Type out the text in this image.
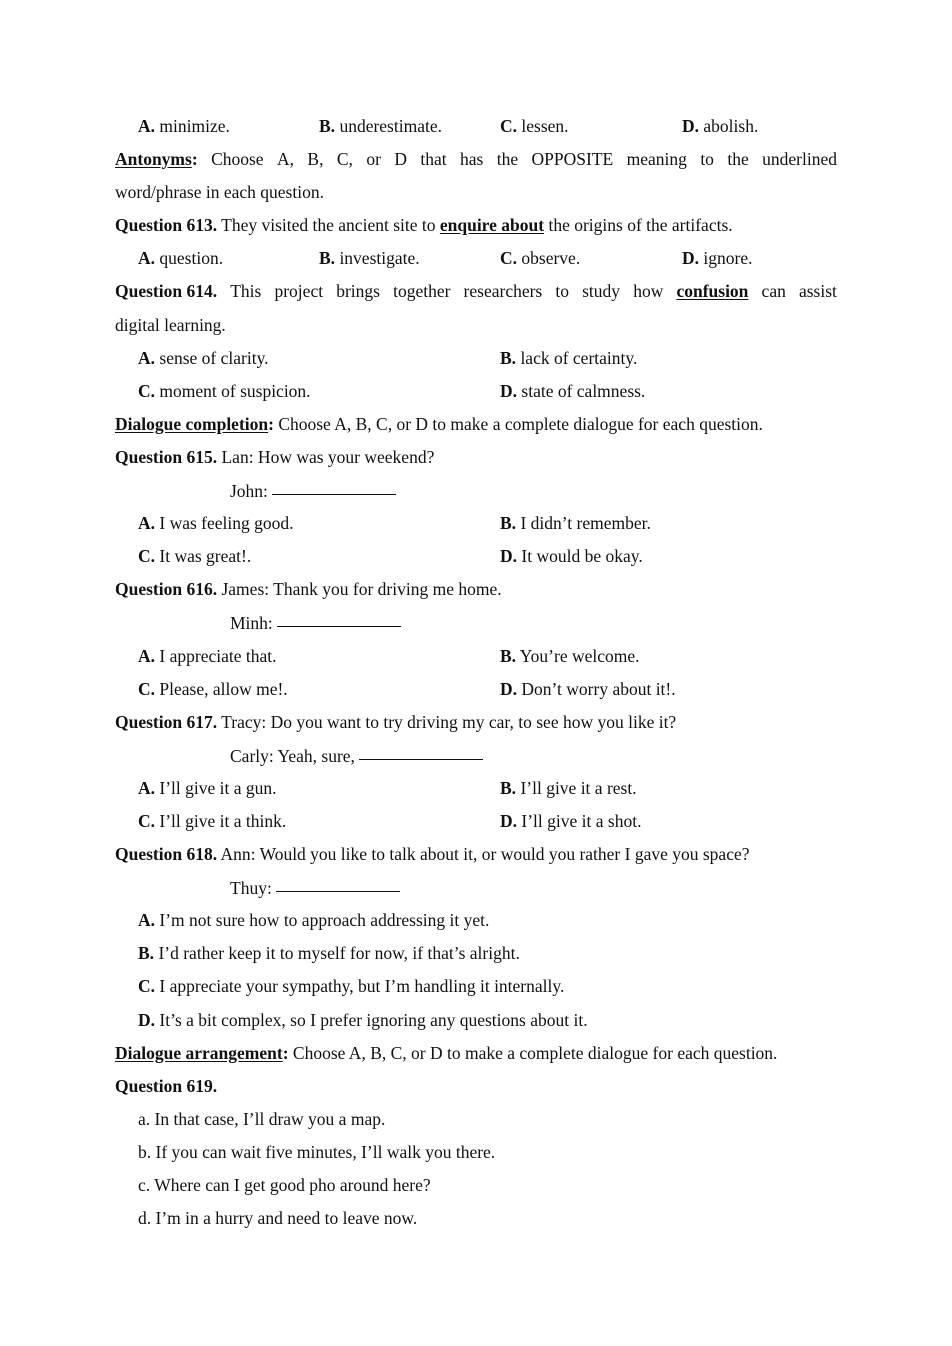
A. minimize.	B. underestimate.	C. lessen.	D. abolish.
Antonyms: Choose A, B, C, or D that has the OPPOSITE meaning to the underlined
word/phrase in each question.
Question 613. They visited the ancient site to enquire about the origins of the artifacts.
A. question.	B. investigate.	C. observe.	D. ignore.
Question 614. This project brings together researchers to study how confusion can assist
digital learning.
A. sense of clarity.	B. lack of certainty.
C. moment of suspicion.	D. state of calmness.
Dialogue completion: Choose A, B, C, or D to make a complete dialogue for each question.
Question 615. Lan: How was your weekend?
John:
A. I was feeling good.	B. I didn’t remember.
C. It was great!.	D. It would be okay.
Question 616. James: Thank you for driving me home.
Minh:
A. I appreciate that.	B. You’re welcome.
C. Please, allow me!.	D. Don’t worry about it!.
Question 617. Tracy: Do you want to try driving my car, to see how you like it?
Carly: Yeah, sure,
A. I’ll give it a gun.	B. I’ll give it a rest.
C. I’ll give it a think.	D. I’ll give it a shot.
Question 618. Ann: Would you like to talk about it, or would you rather I gave you space?
Thuy:
A. I’m not sure how to approach addressing it yet.
B. I’d rather keep it to myself for now, if that’s alright.
C. I appreciate your sympathy, but I’m handling it internally.
D. It’s a bit complex, so I prefer ignoring any questions about it.
Dialogue arrangement: Choose A, B, C, or D to make a complete dialogue for each question.
Question 619.
a. In that case, I’ll draw you a map.
b. If you can wait five minutes, I’ll walk you there.
c. Where can I get good pho around here?
d. I’m in a hurry and need to leave now.
